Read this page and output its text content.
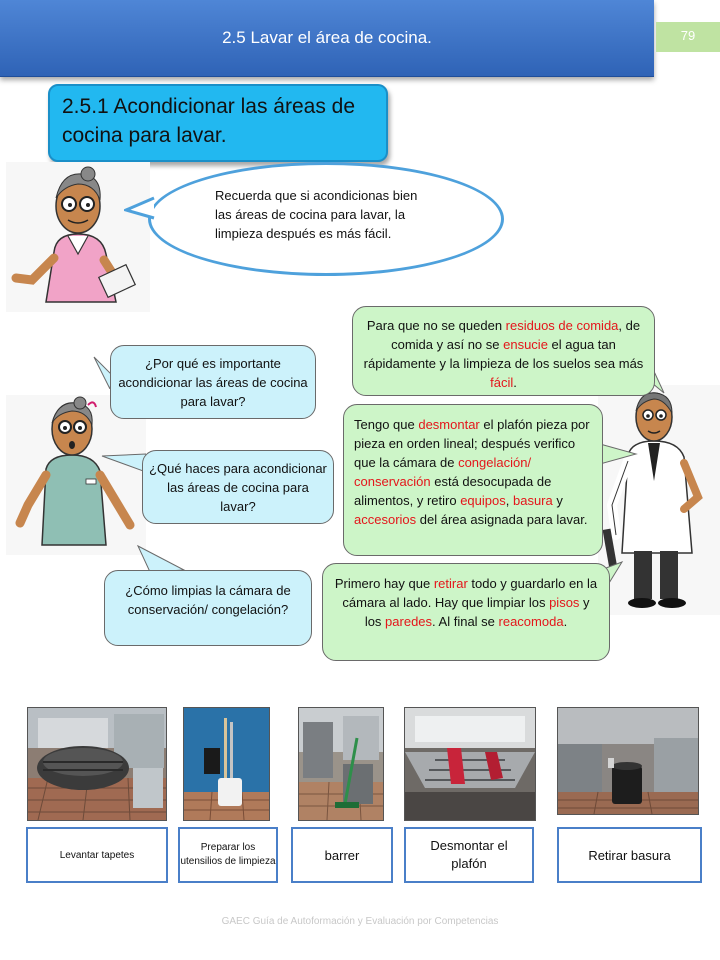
2.5 Lavar el área de cocina.	79
2.5.1 Acondicionar las áreas de cocina para lavar.
Recuerda que si acondicionas bien las áreas de cocina para lavar, la limpieza después es más fácil.
¿Por qué es importante acondicionar las áreas de cocina para lavar?
¿Qué haces para acondicionar las áreas de cocina para lavar?
¿Cómo limpias la cámara de conservación/ congelación?
Para que no se queden residuos de comida, de comida y así no se ensucie el agua tan rápidamente y la limpieza de los suelos sea más fácil.
Tengo que desmontar el plafón pieza por pieza en orden lineal; después verifico que la cámara de congelación/ conservación está desocupada de alimentos, y retiro equipos, basura y accesorios del área asignada para lavar.
Primero hay que retirar todo y guardarlo en la cámara al lado. Hay que limpiar los pisos y los paredes. Al final se reacomoda.
Levantar tapetes
Preparar los utensilios de limpieza	barrer
Desmontar el plafón
Retirar basura
GAEC Guía de Autoformación y Evaluación por Competencias
